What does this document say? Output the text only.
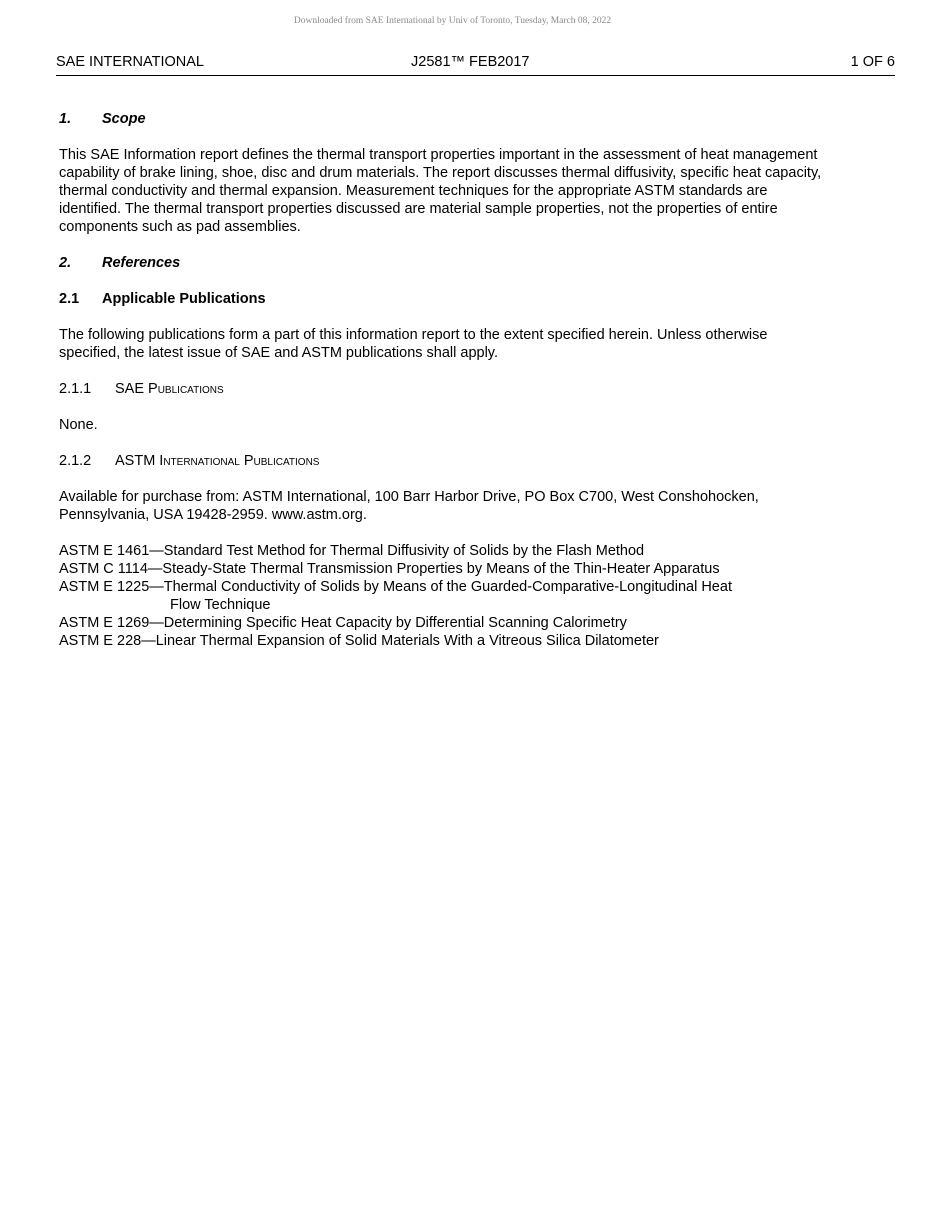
Downloaded from SAE International by Univ of Toronto, Tuesday, March 08, 2022
SAE INTERNATIONAL	J2581™ FEB2017	1 OF 6
1. Scope

This SAE Information report defines the thermal transport properties important in the assessment of heat management capability of brake lining, shoe, disc and drum materials. The report discusses thermal diffusivity, specific heat capacity, thermal conductivity and thermal expansion. Measurement techniques for the appropriate ASTM standards are identified. The thermal transport properties discussed are material sample properties, not the properties of entire components such as pad assemblies.

2. References
2.1 Applicable Publications

The following publications form a part of this information report to the extent specified herein. Unless otherwise specified, the latest issue of SAE and ASTM publications shall apply.

2.1.1 SAE Publications

None.

2.1.2 ASTM International Publications

Available for purchase from: ASTM International, 100 Barr Harbor Drive, PO Box C700, West Conshohocken, Pennsylvania, USA 19428-2959. www.astm.org.

ASTM E 1461—Standard Test Method for Thermal Diffusivity of Solids by the Flash Method
ASTM C 1114—Steady-State Thermal Transmission Properties by Means of the Thin-Heater Apparatus
ASTM E 1225—Thermal Conductivity of Solids by Means of the Guarded-Comparative-Longitudinal Heat
Flow Technique
ASTM E 1269—Determining Specific Heat Capacity by Differential Scanning Calorimetry
ASTM E 228—Linear Thermal Expansion of Solid Materials With a Vitreous Silica Dilatometer
